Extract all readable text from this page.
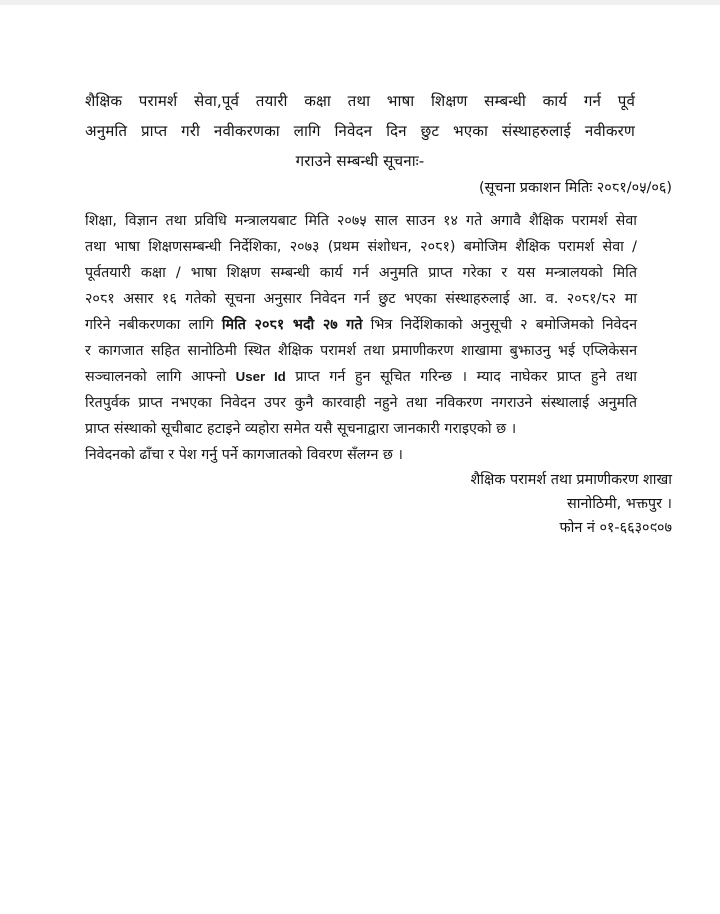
शैक्षिक परामर्श सेवा,पूर्व तयारी कक्षा तथा भाषा शिक्षण सम्बन्धी कार्य गर्न पूर्व
अनुमति प्राप्त गरी नवीकरणका लागि निवेदन दिन छुट भएका संस्थाहरुलाई नवीकरण
गराउने सम्बन्धी सूचनाः-
(सूचना प्रकाशन मितिः २०८१/०५/०६)
शिक्षा, विज्ञान तथा प्रविधि मन्त्रालयबाट मिति २०७५ साल साउन १४ गते अगावै शैक्षिक परामर्श सेवा
तथा भाषा शिक्षणसम्बन्धी निर्देशिका, २०७३ (प्रथम संशोधन, २०८१) बमोजिम शैक्षिक परामर्श सेवा /
पूर्वतयारी कक्षा / भाषा शिक्षण सम्बन्धी कार्य गर्न अनुमति प्राप्त गरेका र यस मन्त्रालयको मिति
२०८१ असार १६ गतेको सूचना अनुसार निवेदन गर्न छुट भएका संस्थाहरुलाई आ. व. २०८१/८२ मा
गरिने नबीकरणका लागि मिति २०८१ भदौ २७ गते भित्र निर्देशिकाको अनुसूची २ बमोजिमको निवेदन
र कागजात सहित सानोठिमी स्थित शैक्षिक परामर्श तथा प्रमाणीकरण शाखामा बुझाउनु भई एप्लिकेसन
सञ्चालनको लागि आफ्नो User Id प्राप्त गर्न हुन सूचित गरिन्छ । म्याद नाघेकर प्राप्त हुने तथा
रितपुर्वक प्राप्त नभएका निवेदन उपर कुनै कारवाही नहुने तथा नविकरण नगराउने संस्थालाई अनुमति
प्राप्त संस्थाको सूचीबाट हटाइने व्यहोरा समेत यसै सूचनाद्वारा जानकारी गराइएको छ ।
निवेदनको ढाँचा र पेश गर्नु पर्ने कागजातको विवरण सँलग्न छ ।
शैक्षिक परामर्श तथा प्रमाणीकरण शाखा
सानोठिमी, भक्तपुर ।
फोन नं ०१-६६३०९०७
